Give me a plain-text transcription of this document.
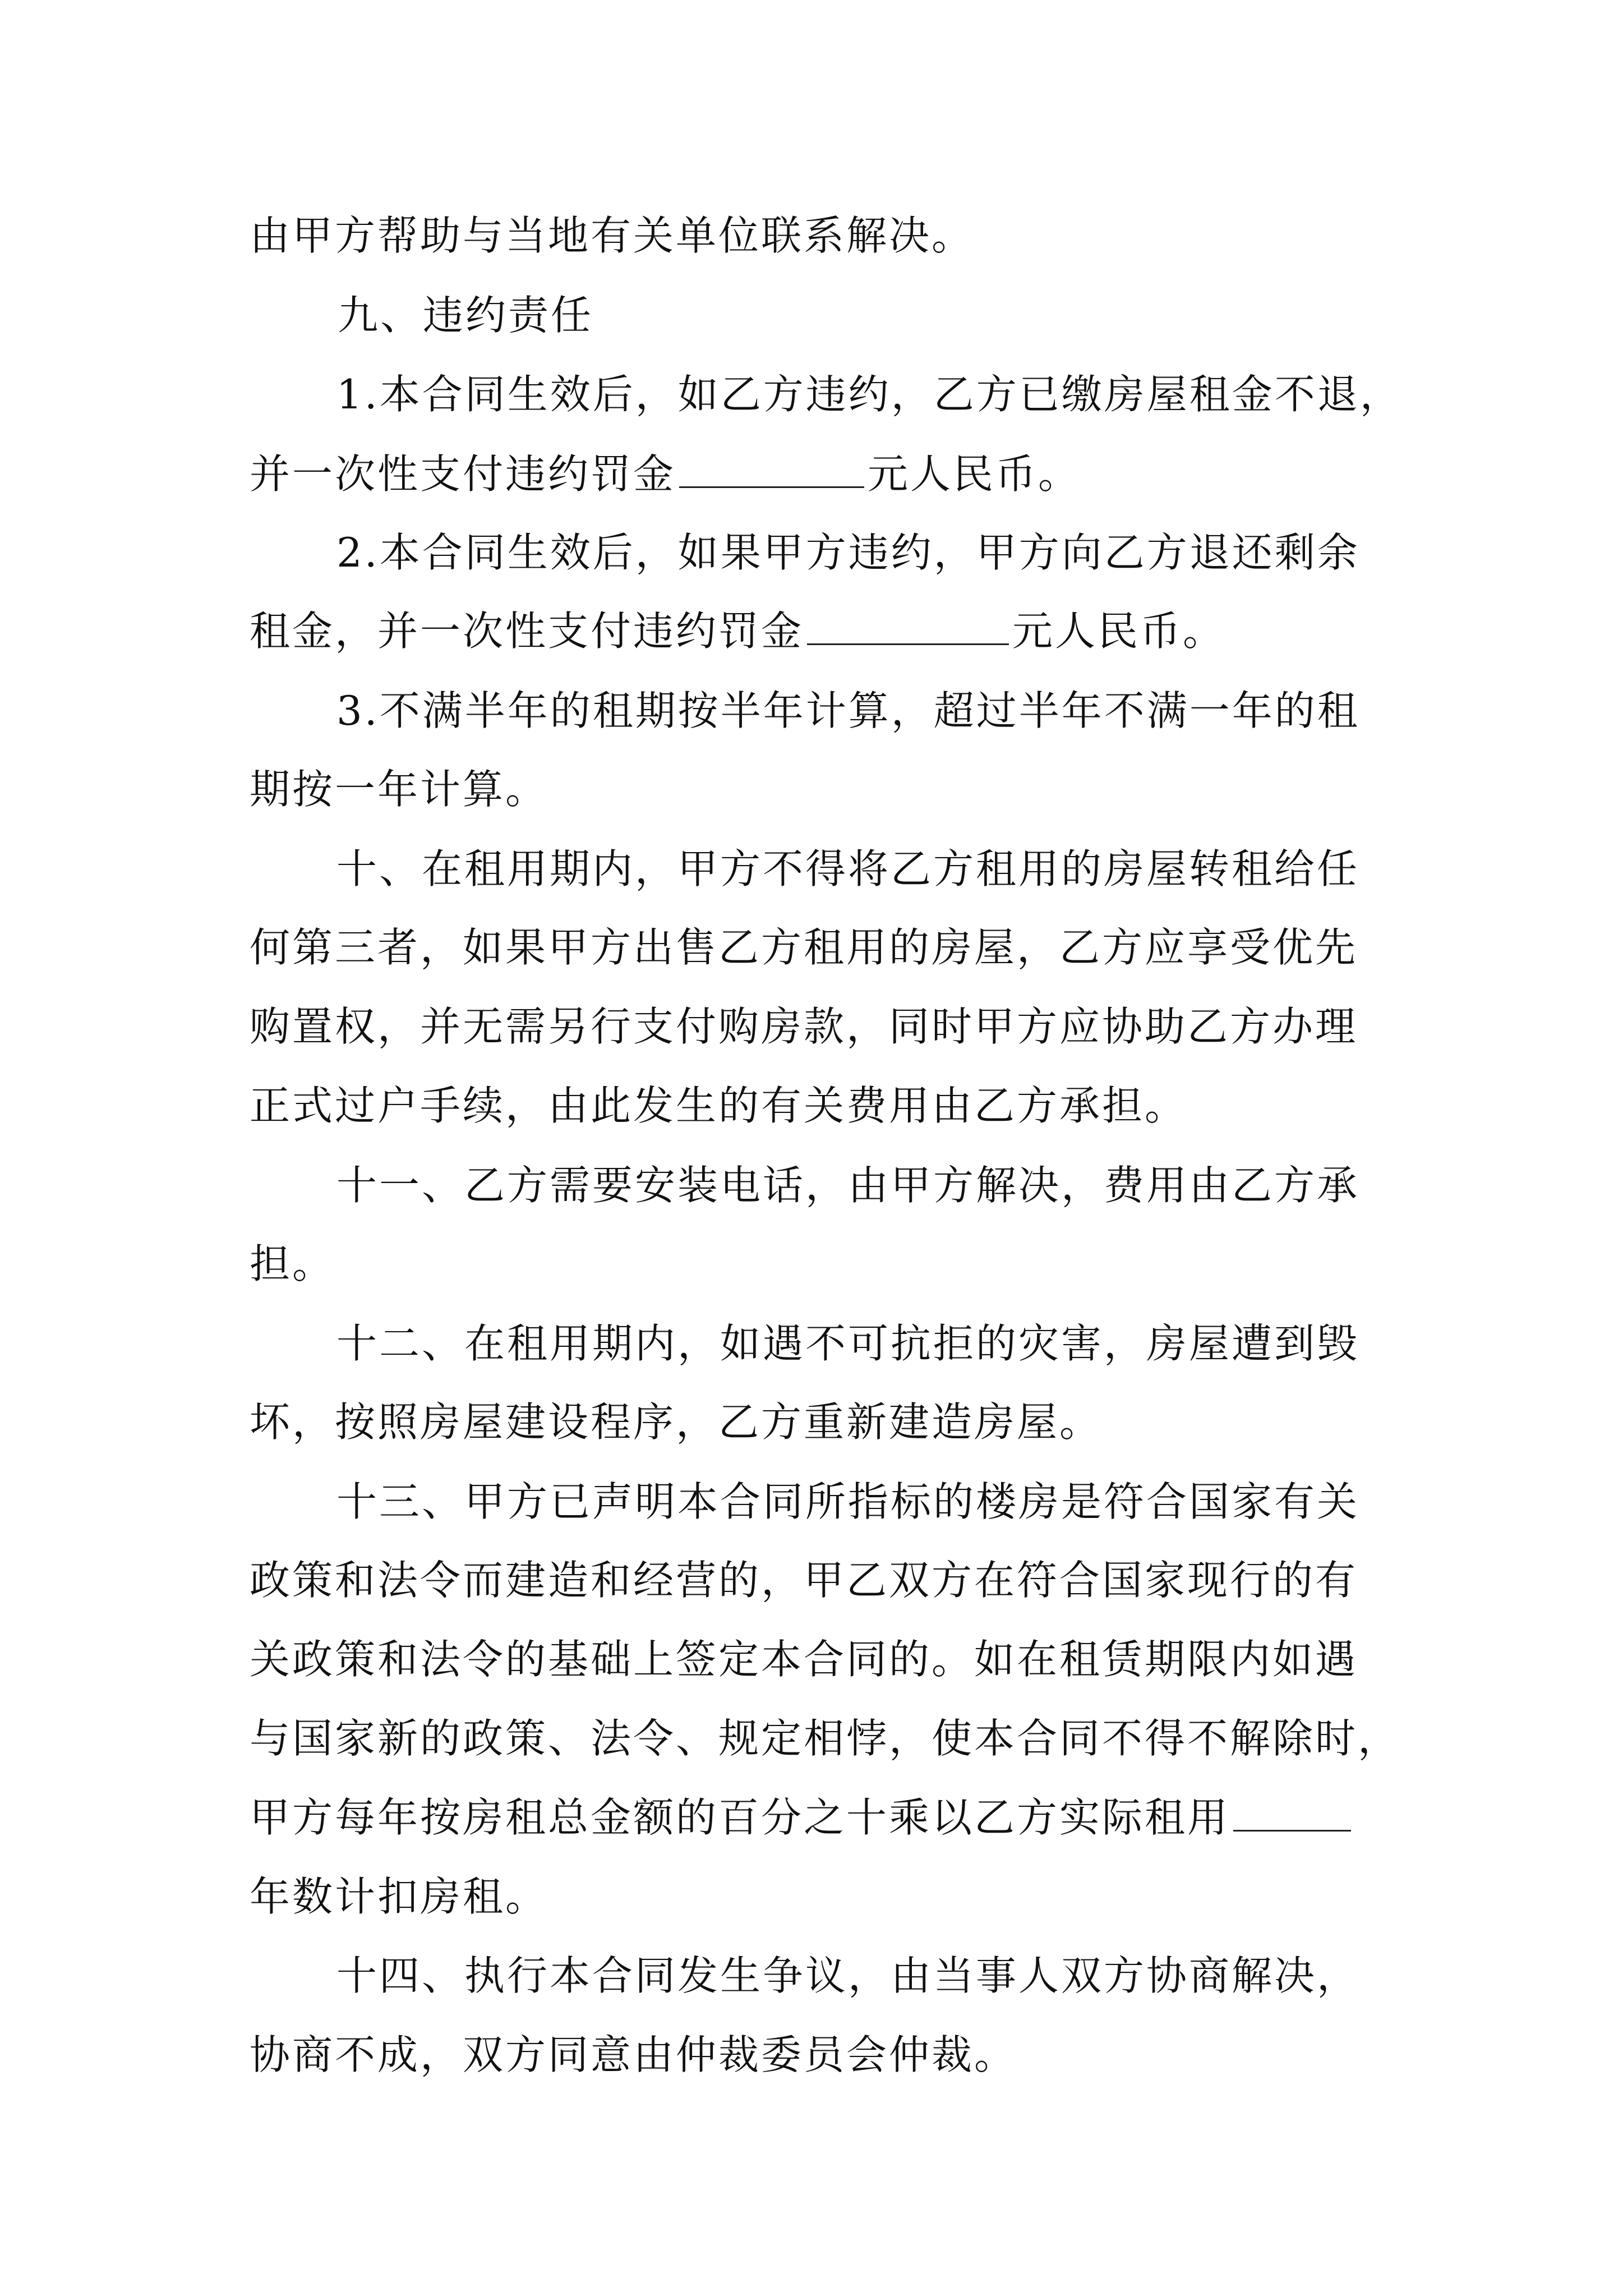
由甲方帮助与当地有关单位联系解决。
九、违约责任
1.本合同生效后，如乙方违约，乙方已缴房屋租金不退，
并一次性支付违约罚金	元人民币。
2.本合同生效后，如果甲方违约，甲方向乙方退还剩余
租金，并一次性支付违约罚金	元人民币。
3.不满半年的租期按半年计算，超过半年不满一年的租
期按一年计算。
十、在租用期内，甲方不得将乙方租用的房屋转租给任
何第三者，如果甲方出售乙方租用的房屋，乙方应享受优先
购置权，并无需另行支付购房款，同时甲方应协助乙方办理
正式过户手续，由此发生的有关费用由乙方承担。
十一、乙方需要安装电话，由甲方解决，费用由乙方承
担。
十二、在租用期内，如遇不可抗拒的灾害，房屋遭到毁
坏，按照房屋建设程序，乙方重新建造房屋。
十三、甲方已声明本合同所指标的楼房是符合国家有关
政策和法令而建造和经营的，甲乙双方在符合国家现行的有
关政策和法令的基础上签定本合同的。如在租赁期限内如遇
与国家新的政策、法令、规定相悖，使本合同不得不解除时，
甲方每年按房租总金额的百分之十乘以乙方实际租用
年数计扣房租。
十四、执行本合同发生争议，由当事人双方协商解决，
协商不成，双方同意由仲裁委员会仲裁。
